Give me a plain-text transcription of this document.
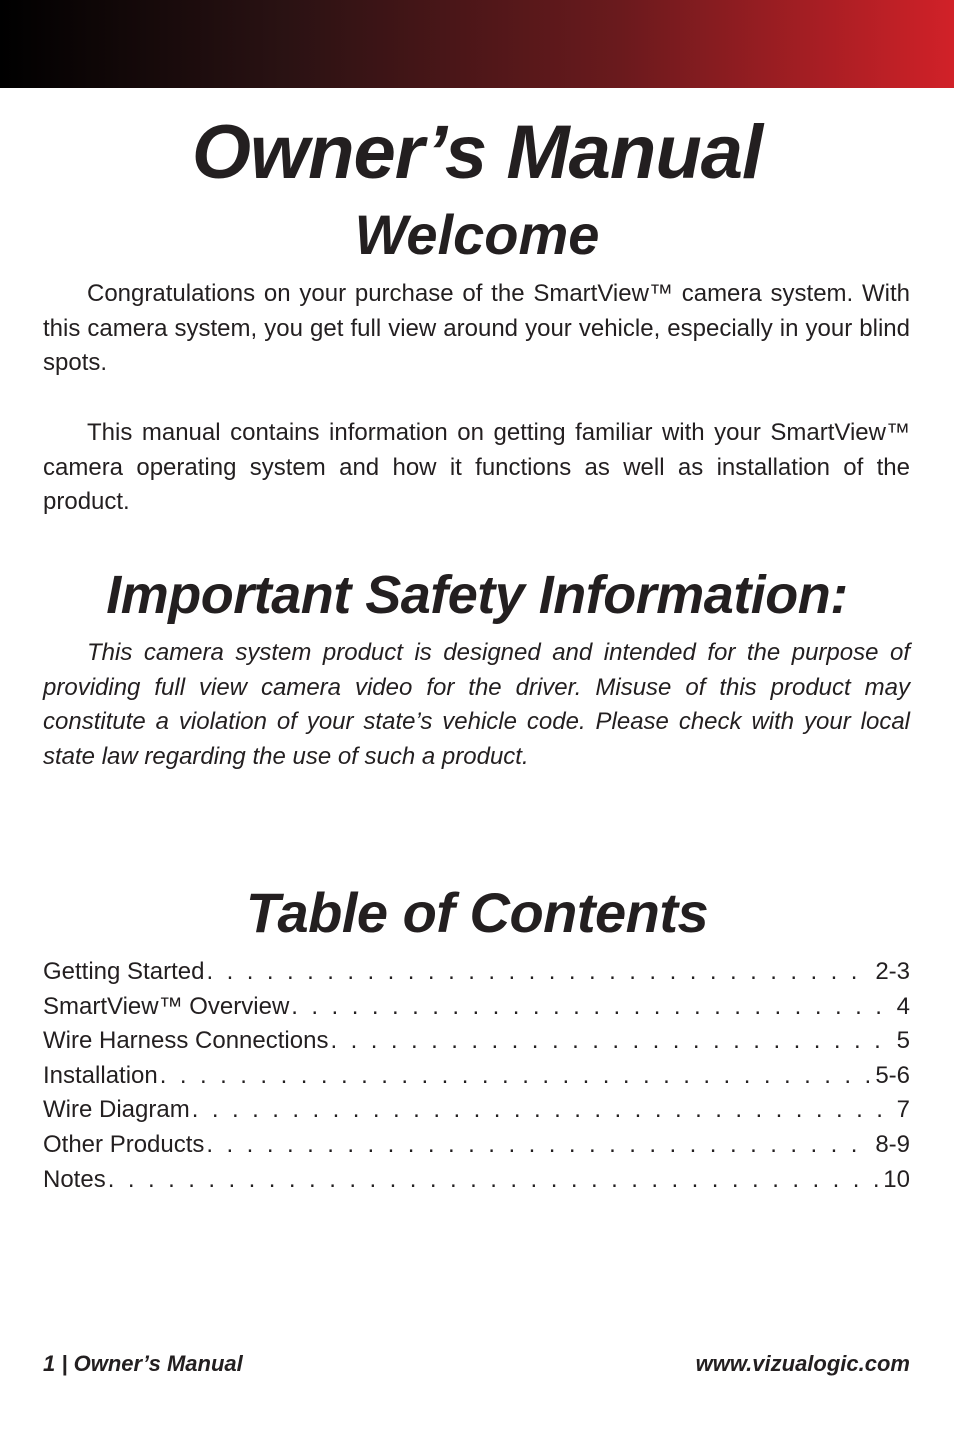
Owner’s Manual
Welcome

Congratulations on your purchase of the SmartView™ camera system. With this camera system, you get full view around your vehicle, especially in your blind spots.

This manual contains information on getting familiar with your SmartView™ camera operating system and how it functions as well as installation of the product.

Important Safety Information:

This camera system product is designed and intended for the purpose of providing full view camera video for the driver. Misuse of this product may constitute a violation of your state’s vehicle code. Please check with your local state law regarding the use of such a product.

Table of Contents
Getting Started . . .	2-3
SmartView™ Overview . . .	4
Wire Harness Connections . . .	5
Installation . . .	5-6
Wire Diagram . . .	7
Other Products . . .	8-9
Notes . . .	10
1 | Owner’s Manual	www.vizualogic.com
